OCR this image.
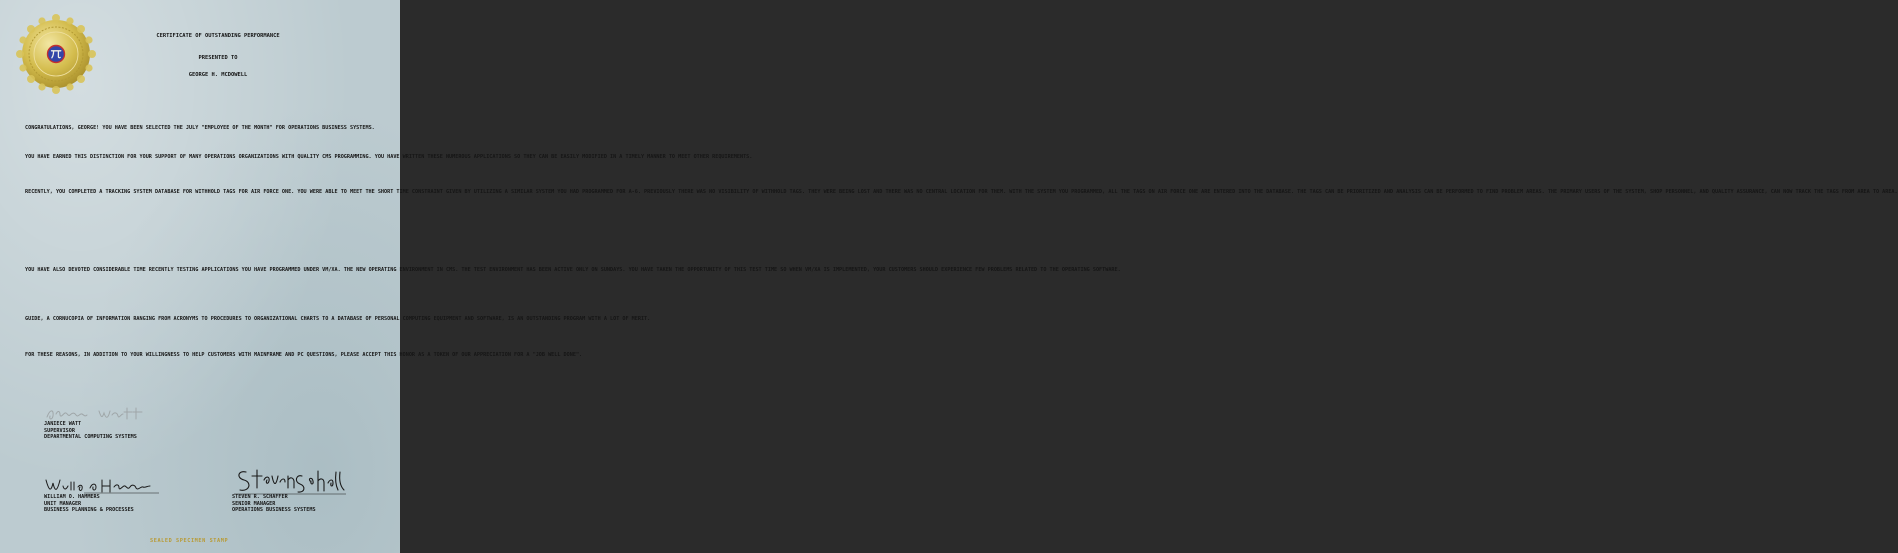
CERTIFICATE OF OUTSTANDING PERFORMANCE
PRESENTED TO
GEORGE H. MCDOWELL
CONGRATULATIONS, GEORGE! YOU HAVE BEEN SELECTED THE JULY "EMPLOYEE OF THE MONTH" FOR OPERATIONS BUSINESS SYSTEMS.
YOU HAVE EARNED THIS DISTINCTION FOR YOUR SUPPORT OF MANY OPERATIONS ORGANIZATIONS WITH QUALITY CMS PROGRAMMING. YOU HAVE WRITTEN THESE NUMEROUS APPLICATIONS SO THEY CAN BE EASILY MODIFIED IN A TIMELY MANNER TO MEET OTHER REQUIREMENTS.
RECENTLY, YOU COMPLETED A TRACKING SYSTEM DATABASE FOR WITHHOLD TAGS FOR AIR FORCE ONE. YOU WERE ABLE TO MEET THE SHORT TIME CONSTRAINT GIVEN BY UTILIZING A SIMILAR SYSTEM YOU HAD PROGRAMMED FOR A-6. PREVIOUSLY THERE WAS NO VISIBILITY OF WITHHOLD TAGS. THEY WERE BEING LOST AND THERE WAS NO CENTRAL LOCATION FOR THEM. WITH THE SYSTEM YOU PROGRAMMED, ALL THE TAGS ON AIR FORCE ONE ARE ENTERED INTO THE DATABASE. THE TAGS CAN BE PRIORITIZED AND ANALYSIS CAN BE PERFORMED TO FIND PROBLEM AREAS. THE PRIMARY USERS OF THE SYSTEM, SHOP PERSONNEL, AND QUALITY ASSURANCE, CAN NOW TRACK THE TAGS FROM AREA TO AREA.
YOU HAVE ALSO DEVOTED CONSIDERABLE TIME RECENTLY TESTING APPLICATIONS YOU HAVE PROGRAMMED UNDER VM/XA. THE NEW OPERATING ENVIRONMENT IN CMS. THE TEST ENVIRONMENT HAS BEEN ACTIVE ONLY ON SUNDAYS. YOU HAVE TAKEN THE OPPORTUNITY OF THIS TEST TIME SO WHEN VM/XA IS IMPLEMENTED, YOUR CUSTOMERS SHOULD EXPERIENCE FEW PROBLEMS RELATED TO THE OPERATING SOFTWARE.
GUIDE, A CORNUCOPIA OF INFORMATION RANGING FROM ACRONYMS TO PROCEDURES TO ORGANIZATIONAL CHARTS TO A DATABASE OF PERSONAL COMPUTING EQUIPMENT AND SOFTWARE, IS AN OUTSTANDING PROGRAM WITH A LOT OF MERIT.
FOR THESE REASONS, IN ADDITION TO YOUR WILLINGNESS TO HELP CUSTOMERS WITH MAINFRAME AND PC QUESTIONS, PLEASE ACCEPT THIS HONOR AS A TOKEN OF OUR APPRECIATION FOR A "JOB WELL DONE".
JANIECE WATT
SUPERVISOR
DEPARTMENTAL COMPUTING SYSTEMS
WILLIAM O. HAMMERS
UNIT MANAGER
BUSINESS PLANNING & PROCESSES
STEVEN R. SCHAFFER
SENIOR MANAGER
OPERATIONS BUSINESS SYSTEMS
SEALED SPECIMEN STAMP
